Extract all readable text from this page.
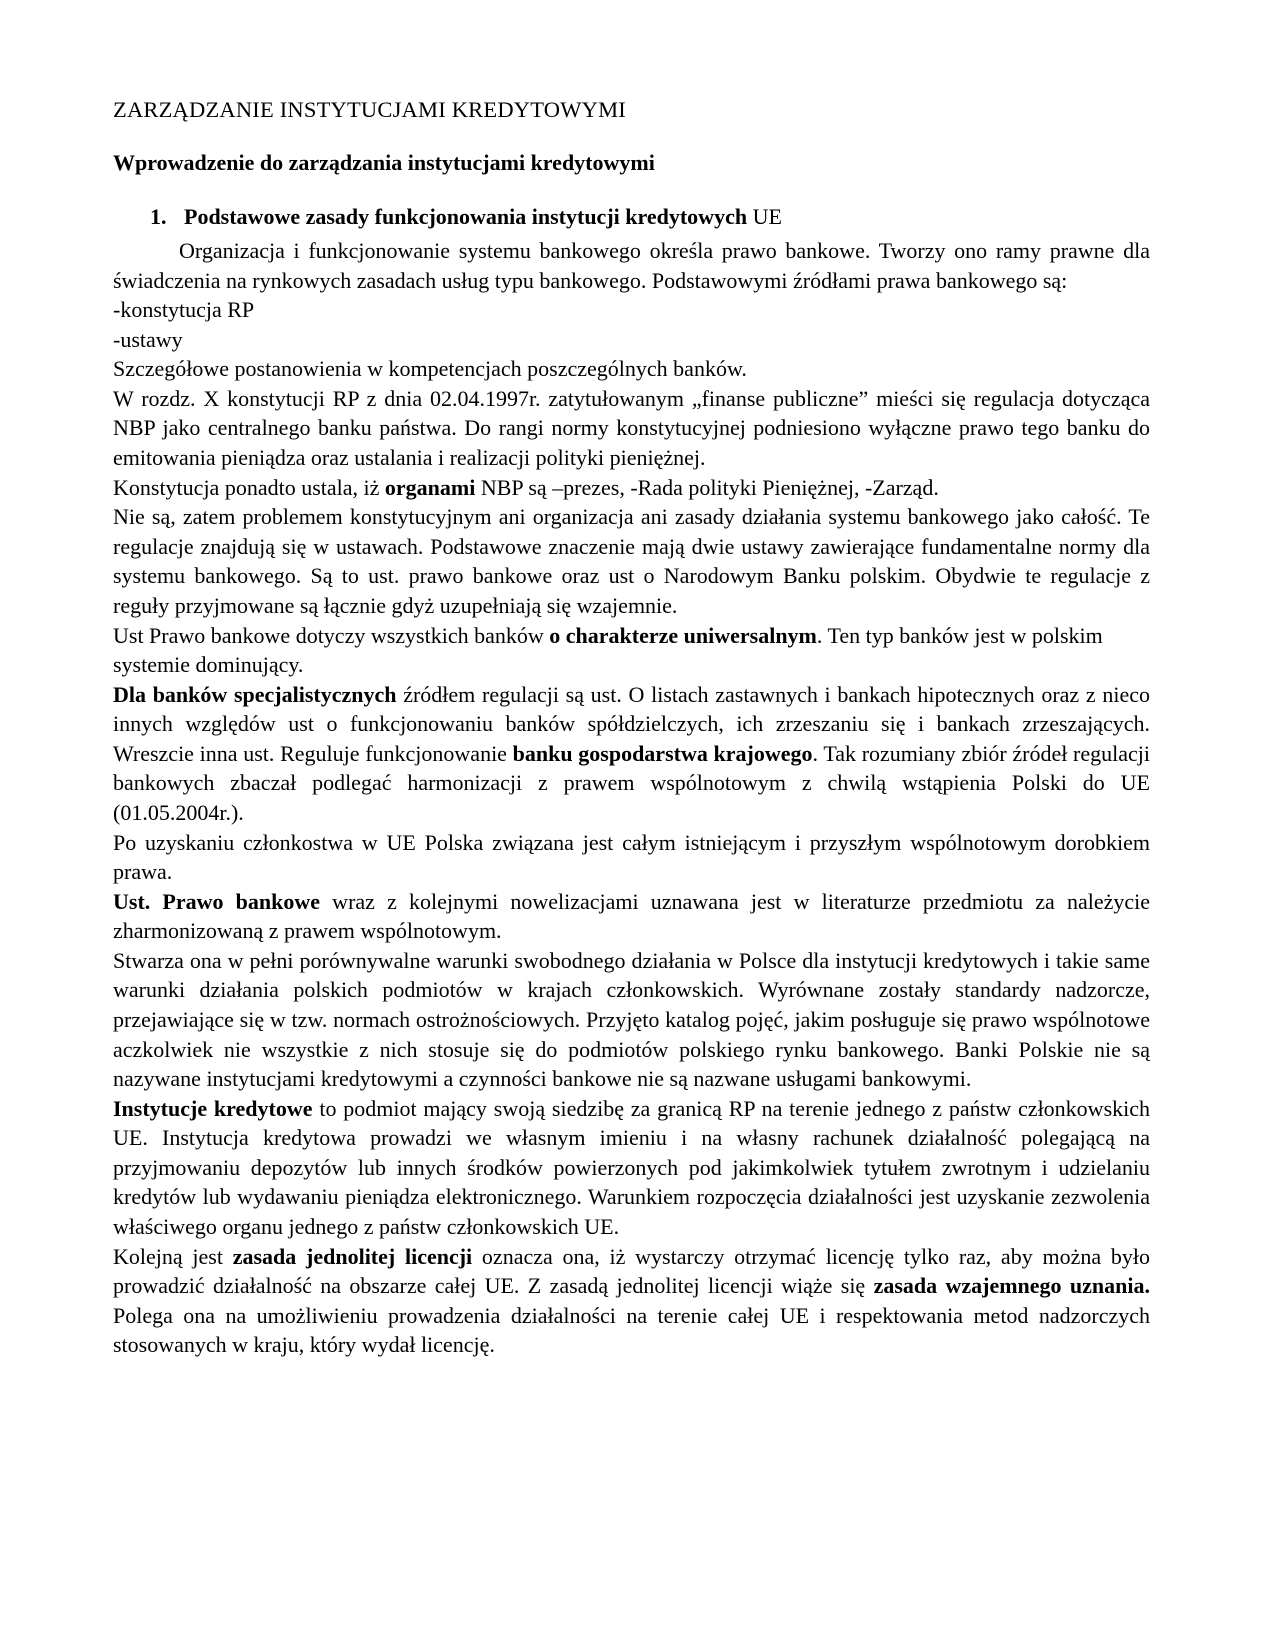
ZARZĄDZANIE INSTYTUCJAMI KREDYTOWYMI
Wprowadzenie do zarządzania instytucjami kredytowymi
1. Podstawowe zasady funkcjonowania instytucji kredytowych UE

Organizacja i funkcjonowanie systemu bankowego określa prawo bankowe. Tworzy ono ramy prawne dla świadczenia na rynkowych zasadach usług typu bankowego. Podstawowymi źródłami prawa bankowego są:

-konstytucja RP

-ustawy

Szczegółowe postanowienia w kompetencjach poszczególnych banków.

W rozdz. X konstytucji RP z dnia 02.04.1997r. zatytułowanym „finanse publiczne” mieści się regulacja dotycząca NBP jako centralnego banku państwa. Do rangi normy konstytucyjnej podniesiono wyłączne prawo tego banku do emitowania pieniądza oraz ustalania i realizacji polityki pieniężnej.

Konstytucja ponadto ustala, iż organami NBP są –prezes, -Rada polityki Pieniężnej, -Zarząd.

Nie są, zatem problemem konstytucyjnym ani organizacja ani zasady działania systemu bankowego jako całość. Te regulacje znajdują się w ustawach. Podstawowe znaczenie mają dwie ustawy zawierające fundamentalne normy dla systemu bankowego. Są to ust. prawo bankowe oraz ust o Narodowym Banku polskim. Obydwie te regulacje z reguły przyjmowane są łącznie gdyż uzupełniają się wzajemnie.

Ust Prawo bankowe dotyczy wszystkich banków o charakterze uniwersalnym. Ten typ banków jest w polskim systemie dominujący.

Dla banków specjalistycznych źródłem regulacji są ust. O listach zastawnych i bankach hipotecznych oraz z nieco innych względów ust o funkcjonowaniu banków spółdzielczych, ich zrzeszaniu się i bankach zrzeszających. Wreszcie inna ust. Reguluje funkcjonowanie banku gospodarstwa krajowego. Tak rozumiany zbiór źródeł regulacji bankowych zbaczał podlegać harmonizacji z prawem wspólnotowym z chwilą wstąpienia Polski do UE (01.05.2004r.).

Po uzyskaniu członkostwa w UE Polska związana jest całym istniejącym i przyszłym wspólnotowym dorobkiem prawa.

Ust. Prawo bankowe wraz z kolejnymi nowelizacjami uznawana jest w literaturze przedmiotu za należycie zharmonizowaną z prawem wspólnotowym.

Stwarza ona w pełni porównywalne warunki swobodnego działania w Polsce dla instytucji kredytowych i takie same warunki działania polskich podmiotów w krajach członkowskich. Wyrównane zostały standardy nadzorcze, przejawiające się w tzw. normach ostrożnościowych. Przyjęto katalog pojęć, jakim posługuje się prawo wspólnotowe aczkolwiek nie wszystkie z nich stosuje się do podmiotów polskiego rynku bankowego. Banki Polskie nie są nazywane instytucjami kredytowymi a czynności bankowe nie są nazwane usługami bankowymi.

Instytucje kredytowe to podmiot mający swoją siedzibę za granicą RP na terenie jednego z państw członkowskich UE. Instytucja kredytowa prowadzi we własnym imieniu i na własny rachunek działalność polegającą na przyjmowaniu depozytów lub innych środków powierzonych pod jakimkolwiek tytułem zwrotnym i udzielaniu kredytów lub wydawaniu pieniądza elektronicznego. Warunkiem rozpoczęcia działalności jest uzyskanie zezwolenia właściwego organu jednego z państw członkowskich UE.

Kolejną jest zasada jednolitej licencji oznacza ona, iż wystarczy otrzymać licencję tylko raz, aby można było prowadzić działalność na obszarze całej UE. Z zasadą jednolitej licencji wiąże się zasada wzajemnego uznania. Polega ona na umożliwieniu prowadzenia działalności na terenie całej UE i respektowania metod nadzorczych stosowanych w kraju, który wydał licencję.
